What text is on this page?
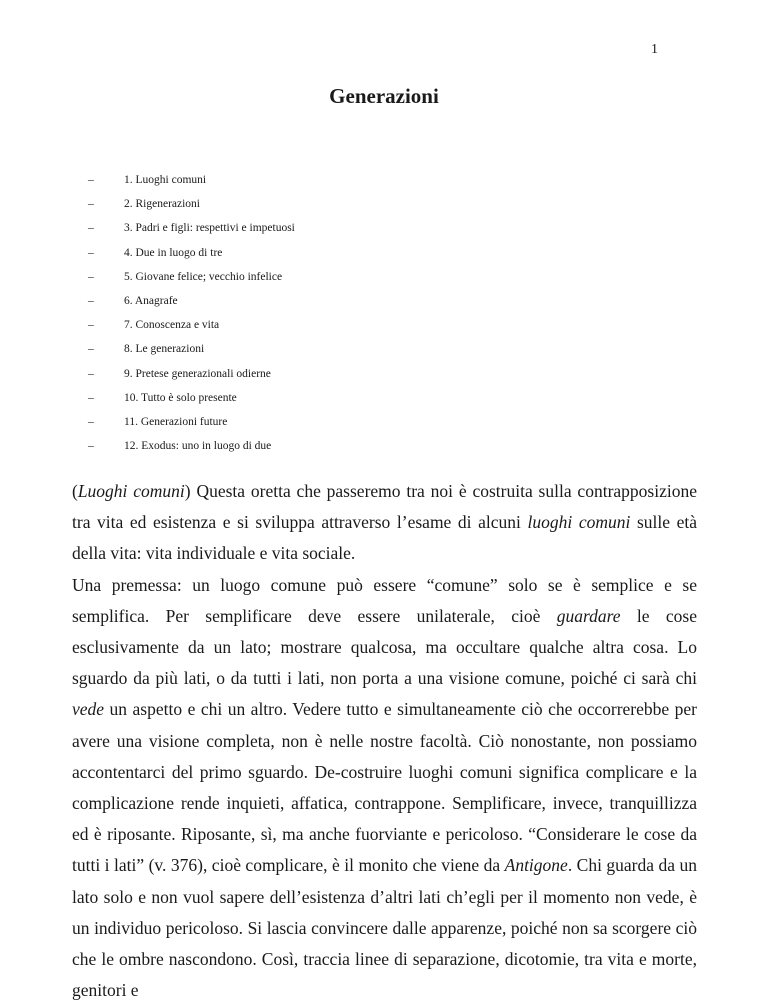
1
Generazioni
–	1. Luoghi comuni
–	2. Rigenerazioni
–	3. Padri e figli: respettivi e impetuosi
–	4. Due in luogo di tre
–	5. Giovane felice; vecchio infelice
–	6. Anagrafe
–	7. Conoscenza e vita
–	8. Le generazioni
–	9. Pretese generazionali odierne
–	10. Tutto è solo presente
–	11. Generazioni future
–	12. Exodus: uno in luogo di due

(Luoghi comuni) Questa oretta che passeremo tra noi è costruita sulla contrapposizione tra vita ed esistenza e si sviluppa attraverso l’esame di alcuni luoghi comuni sulle età della vita: vita individuale e vita sociale.

Una premessa: un luogo comune può essere “comune” solo se è semplice e se semplifica. Per semplificare deve essere unilaterale, cioè guardare le cose esclusivamente da un lato; mostrare qualcosa, ma occultare qualche altra cosa. Lo sguardo da più lati, o da tutti i lati, non porta a una visione comune, poiché ci sarà chi vede un aspetto e chi un altro. Vedere tutto e simultaneamente ciò che occorrerebbe per avere una visione completa, non è nelle nostre facoltà. Ciò nonostante, non possiamo accontentarci del primo sguardo. De-costruire luoghi comuni significa complicare e la complicazione rende inquieti, affatica, contrappone. Semplificare, invece, tranquillizza ed è riposante. Riposante, sì, ma anche fuorviante e pericoloso. “Considerare le cose da tutti i lati” (v. 376), cioè complicare, è il monito che viene da Antigone. Chi guarda da un lato solo e non vuol sapere dell’esistenza d’altri lati ch’egli per il momento non vede, è un individuo pericoloso. Si lascia convincere dalle apparenze, poiché non sa scorgere ciò che le ombre nascondono. Così, traccia linee di separazione, dicotomie, tra vita e morte, genitori e
